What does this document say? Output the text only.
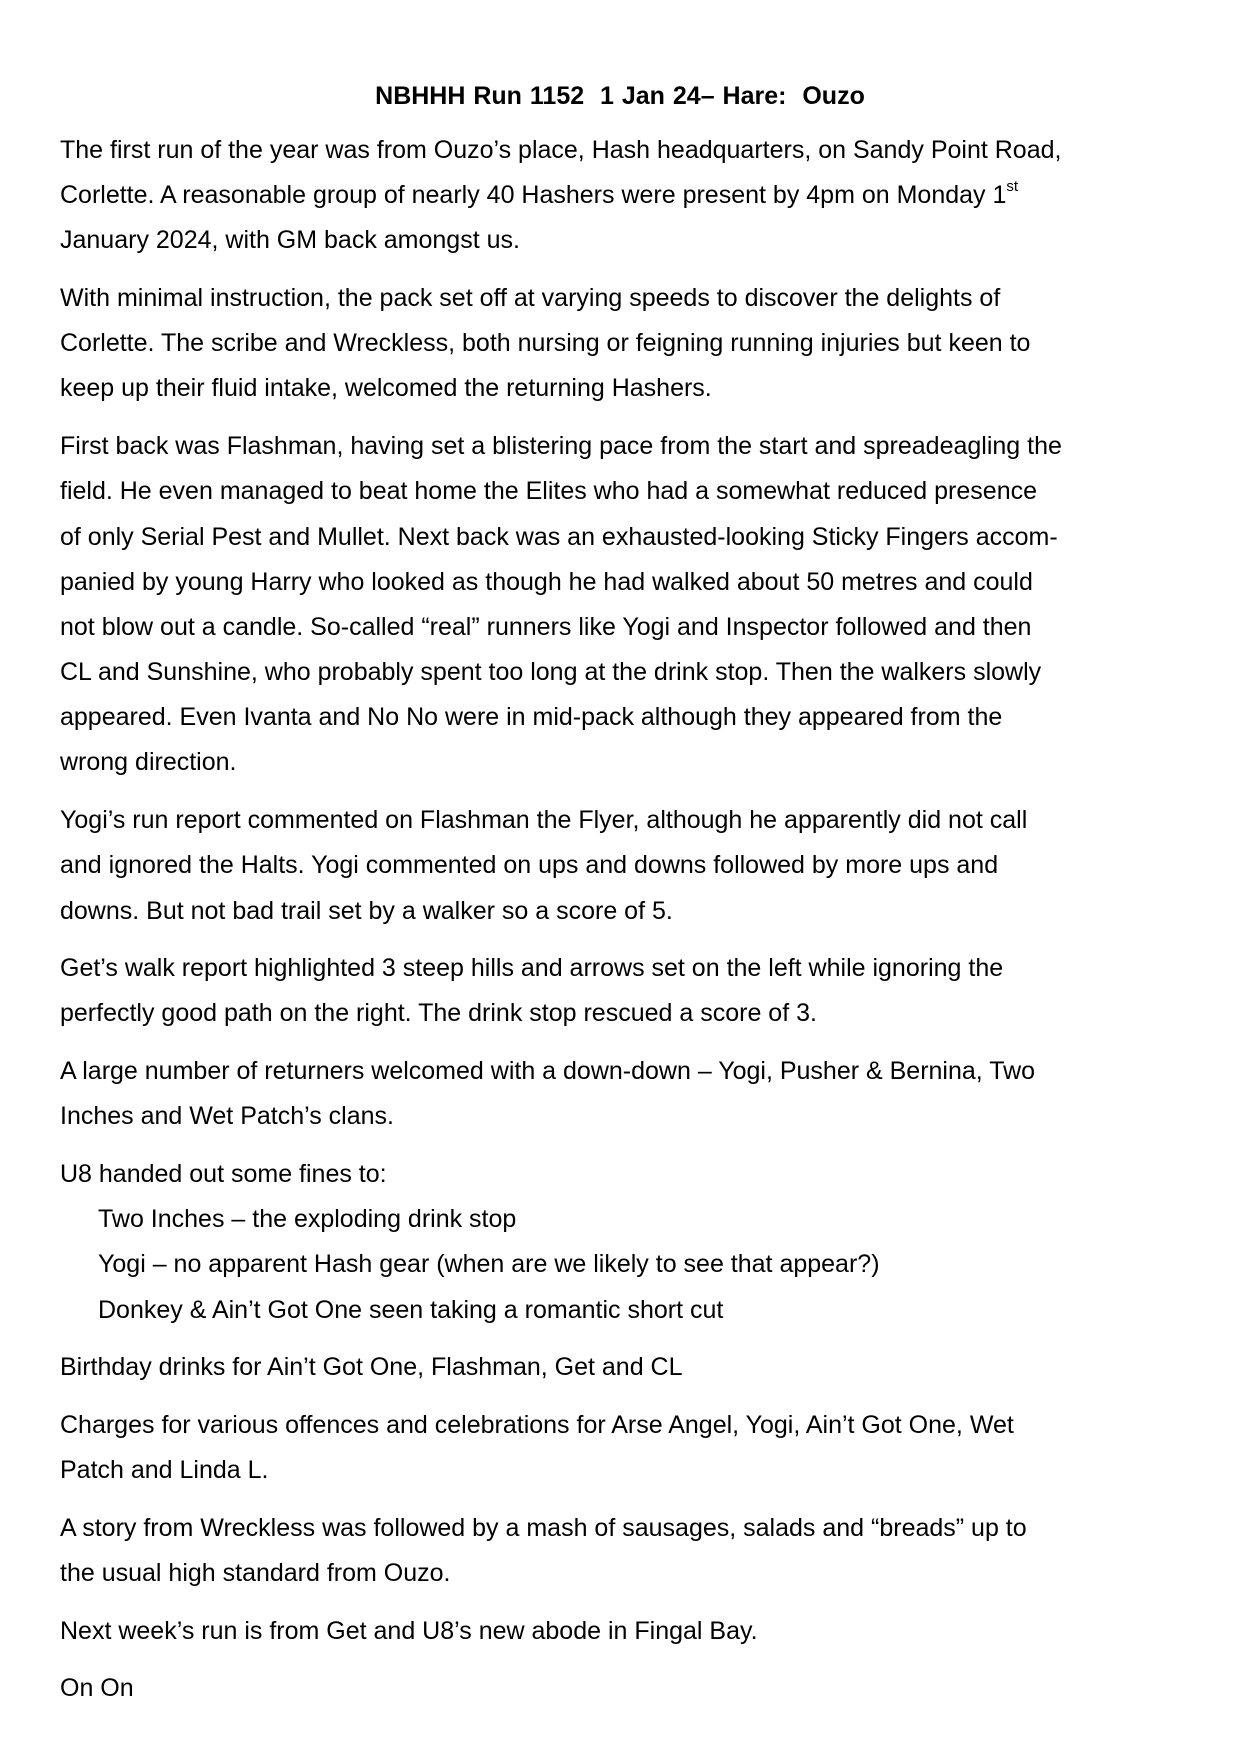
NBHHH Run 1152  1 Jan 24– Hare:  Ouzo

The first run of the year was from Ouzo’s place, Hash headquarters, on Sandy Point Road,
Corlette. A reasonable group of nearly 40 Hashers were present by 4pm on Monday 1st
January 2024, with GM back amongst us.

With minimal instruction, the pack set off at varying speeds to discover the delights of
Corlette. The scribe and Wreckless, both nursing or feigning running injuries but keen to
keep up their fluid intake, welcomed the returning Hashers.

First back was Flashman, having set a blistering pace from the start and spreadeagling the
field. He even managed to beat home the Elites who had a somewhat reduced presence
of only Serial Pest and Mullet. Next back was an exhausted-looking Sticky Fingers accom-
panied by young Harry who looked as though he had walked about 50 metres and could
not blow out a candle. So-called “real” runners like Yogi and Inspector followed and then
CL and Sunshine, who probably spent too long at the drink stop. Then the walkers slowly
appeared. Even Ivanta and No No were in mid-pack although they appeared from the
wrong direction.

Yogi’s run report commented on Flashman the Flyer, although he apparently did not call
and ignored the Halts. Yogi commented on ups and downs followed by more ups and
downs. But not bad trail set by a walker so a score of 5.

Get’s walk report highlighted 3 steep hills and arrows set on the left while ignoring the
perfectly good path on the right. The drink stop rescued a score of 3.

A large number of returners welcomed with a down-down – Yogi, Pusher & Bernina, Two
Inches and Wet Patch’s clans.

U8 handed out some fines to:
Two Inches – the exploding drink stop
Yogi – no apparent Hash gear (when are we likely to see that appear?)
Donkey & Ain’t Got One seen taking a romantic short cut

Birthday drinks for Ain’t Got One, Flashman, Get and CL

Charges for various offences and celebrations for Arse Angel, Yogi, Ain’t Got One, Wet
Patch and Linda L.

A story from Wreckless was followed by a mash of sausages, salads and “breads” up to
the usual high standard from Ouzo.

Next week’s run is from Get and U8’s new abode in Fingal Bay.

On On
